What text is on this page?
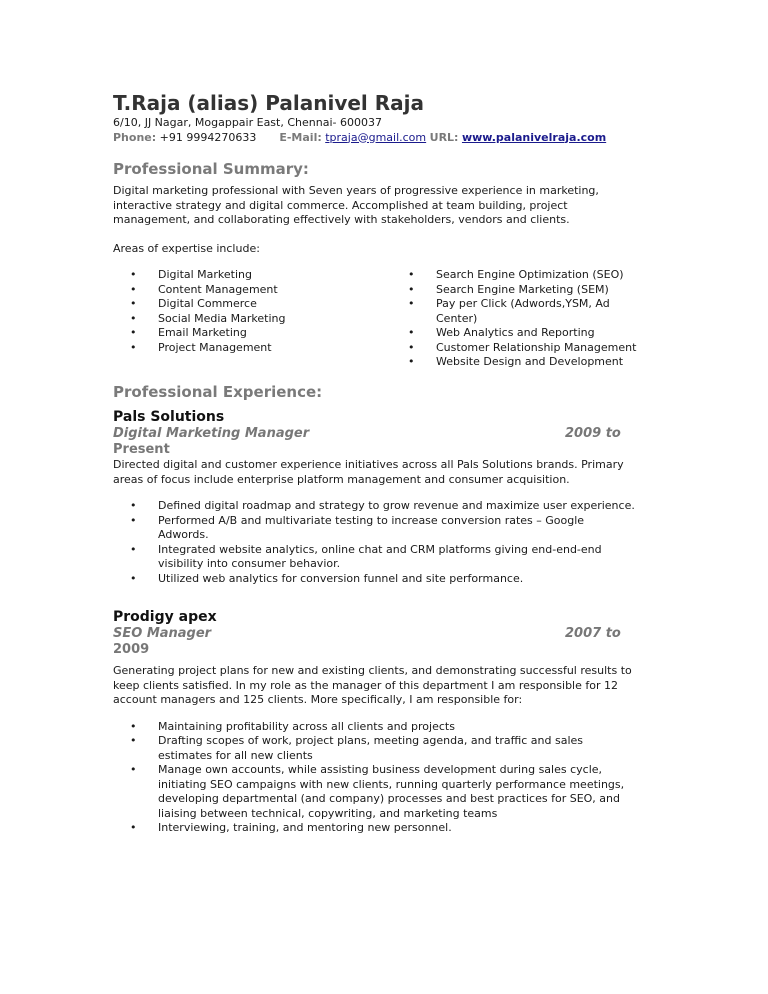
T.Raja (alias) Palanivel Raja
6/10, JJ Nagar, Mogappair East, Chennai- 600037
Phone: +91 9994270633 E-Mail: tpraja@gmail.com URL: www.palanivelraja.com
Professional Summary:
Digital marketing professional with Seven years of progressive experience in marketing,
interactive strategy and digital commerce. Accomplished at team building, project
management, and collaborating effectively with stakeholders, vendors and clients.
Areas of expertise include:
• Digital Marketing
• Content Management
• Digital Commerce
• Social Media Marketing
• Email Marketing
• Project Management
• Search Engine Optimization (SEO)
• Search Engine Marketing (SEM)
• Pay per Click (Adwords,YSM, Ad
Center)
• Web Analytics and Reporting
• Customer Relationship Management
• Website Design and Development
Professional Experience:
Pals Solutions
Digital Marketing Manager	2009 to
Present
Directed digital and customer experience initiatives across all Pals Solutions brands. Primary
areas of focus include enterprise platform management and consumer acquisition.
• Defined digital roadmap and strategy to grow revenue and maximize user experience.
• Performed A/B and multivariate testing to increase conversion rates – Google
Adwords.
• Integrated website analytics, online chat and CRM platforms giving end-end-end
visibility into consumer behavior.
• Utilized web analytics for conversion funnel and site performance.
Prodigy apex
SEO Manager	2007 to
2009
Generating project plans for new and existing clients, and demonstrating successful results to
keep clients satisfied. In my role as the manager of this department I am responsible for 12
account managers and 125 clients. More specifically, I am responsible for:
• Maintaining profitability across all clients and projects
• Drafting scopes of work, project plans, meeting agenda, and traffic and sales
estimates for all new clients
• Manage own accounts, while assisting business development during sales cycle,
initiating SEO campaigns with new clients, running quarterly performance meetings,
developing departmental (and company) processes and best practices for SEO, and
liaising between technical, copywriting, and marketing teams
• Interviewing, training, and mentoring new personnel.
